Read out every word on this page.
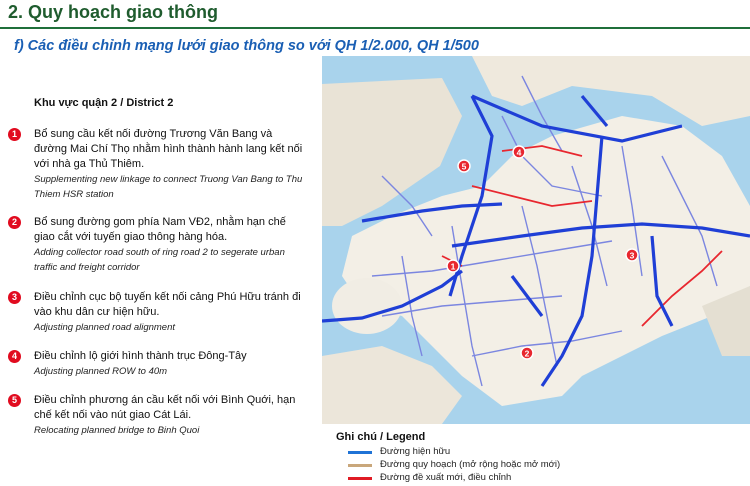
2. Quy hoạch giao thông
f) Các điều chỉnh mạng lưới giao thông so với QH 1/2.000, QH 1/500
Khu vực quận 2 / District 2
1	Bổ sung cầu kết nối đường Trương Văn Bang và đường Mai Chí Thọ nhằm hình thành hành lang kết nối với nhà ga Thủ Thiêm.
Supplementing new linkage to connect Truong Van Bang to Thu Thiem HSR station
2	Bổ sung đường gom phía Nam VĐ2, nhằm hạn chế giao cắt với tuyến giao thông hàng hóa.
Adding collector road south of ring road 2 to segerate urban traffic and freight corridor
3	Điều chỉnh cục bộ tuyến kết nối cảng Phú Hữu tránh đi vào khu dân cư hiện hữu.
Adjusting planned road alignment
4	Điều chỉnh lộ giới hình thành trục Đông-Tây
Adjusting planned ROW to 40m
5	Điều chỉnh phương án cầu kết nối với Bình Quới, hạn chế kết nối vào nút giao Cát Lái.
Relocating planned bridge to Binh Quoi
1
2
3
4
5
Ghi chú / Legend
Đường hiện hữu
Đường quy hoạch (mở rộng hoặc mở mới)
Đường đề xuất mới, điều chỉnh
